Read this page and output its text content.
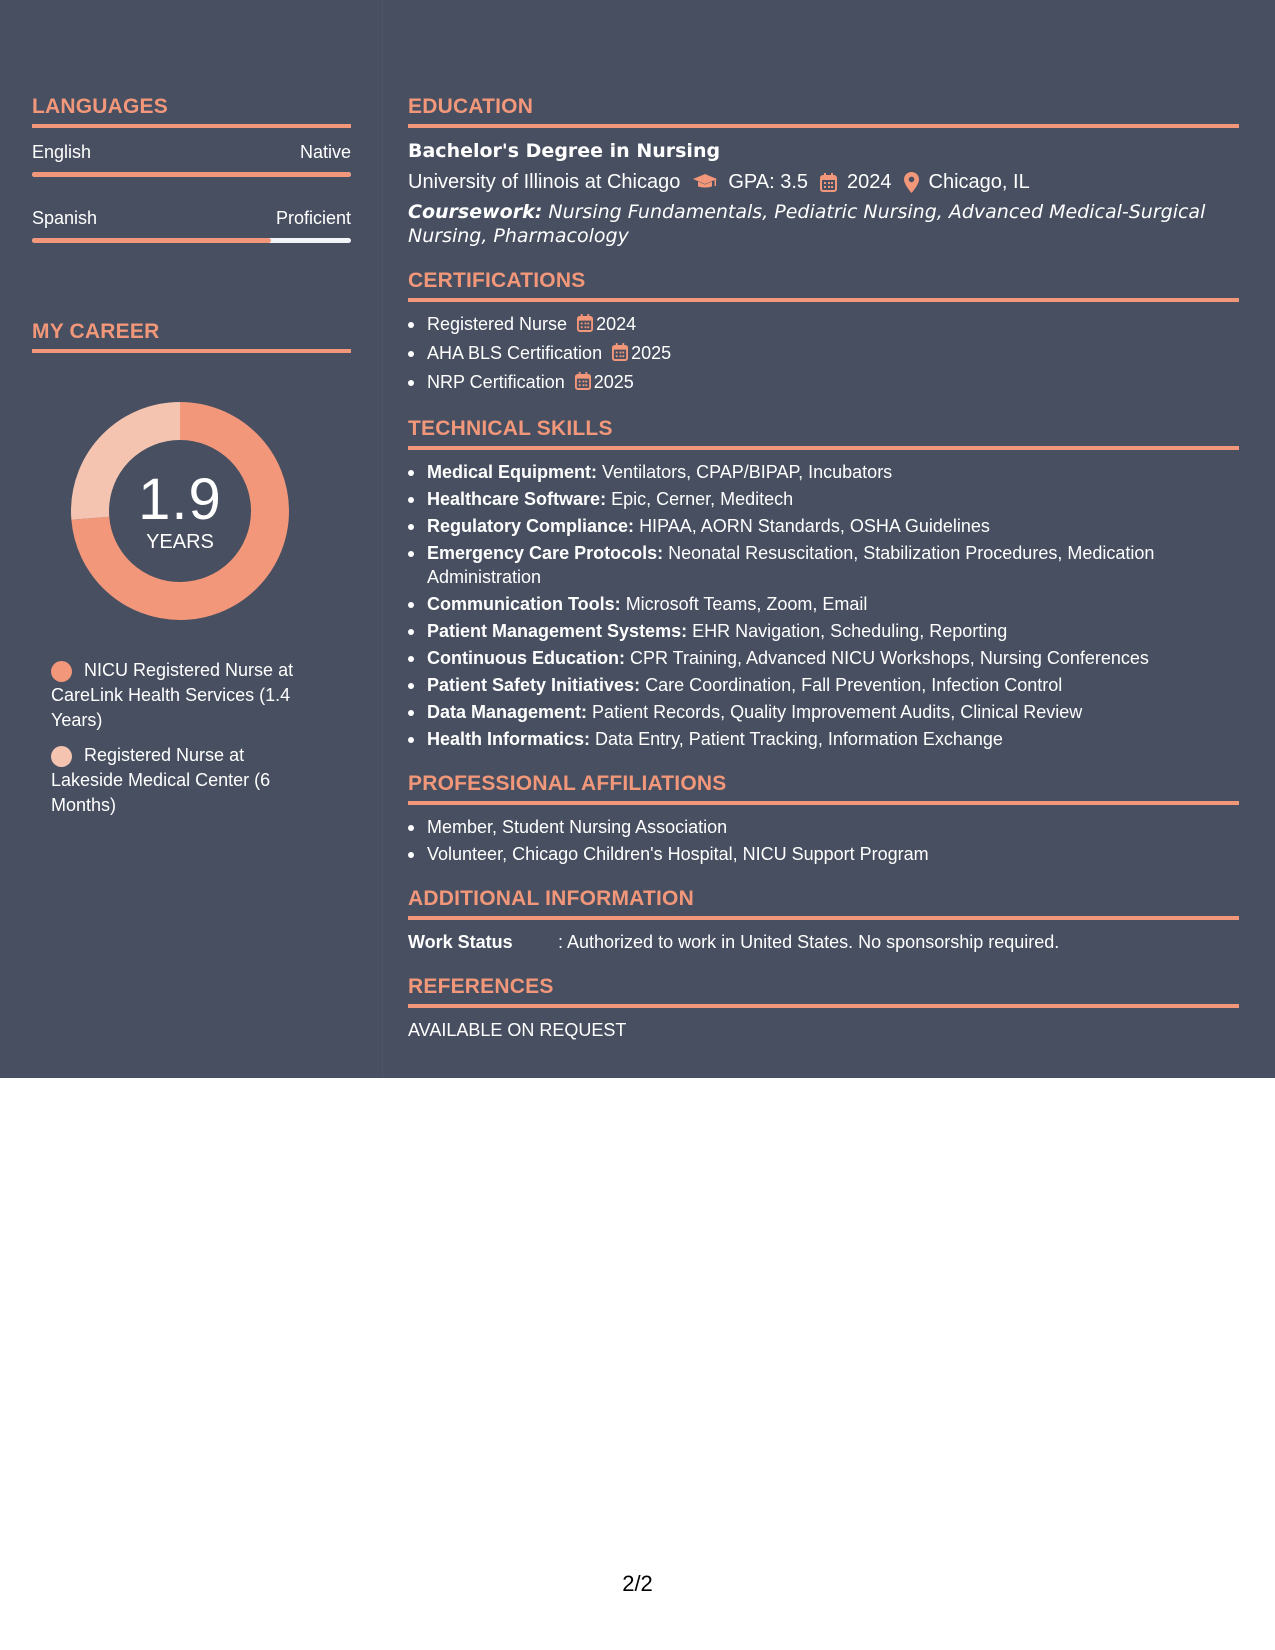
LANGUAGES
English	Native
Spanish	Proficient
MY CAREER
1.9
YEARS
NICU Registered Nurse at CareLink Health Services (1.4 Years)
Registered Nurse at Lakeside Medical Center (6 Months)
EDUCATION
Bachelor's Degree in Nursing
University of Illinois at Chicago GPA: 3.5 2024 Chicago, IL
Coursework: Nursing Fundamentals, Pediatric Nursing, Advanced Medical-Surgical Nursing, Pharmacology
CERTIFICATIONS
Registered Nurse 2024
AHA BLS Certification 2025
NRP Certification 2025
TECHNICAL SKILLS
Medical Equipment: Ventilators, CPAP/BIPAP, Incubators
Healthcare Software: Epic, Cerner, Meditech
Regulatory Compliance: HIPAA, AORN Standards, OSHA Guidelines
Emergency Care Protocols: Neonatal Resuscitation, Stabilization Procedures, Medication Administration
Communication Tools: Microsoft Teams, Zoom, Email
Patient Management Systems: EHR Navigation, Scheduling, Reporting
Continuous Education: CPR Training, Advanced NICU Workshops, Nursing Conferences
Patient Safety Initiatives: Care Coordination, Fall Prevention, Infection Control
Data Management: Patient Records, Quality Improvement Audits, Clinical Review
Health Informatics: Data Entry, Patient Tracking, Information Exchange
PROFESSIONAL AFFILIATIONS
Member, Student Nursing Association
Volunteer, Chicago Children's Hospital, NICU Support Program
ADDITIONAL INFORMATION
Work Status	: Authorized to work in United States. No sponsorship required.
REFERENCES
AVAILABLE ON REQUEST
2/2
